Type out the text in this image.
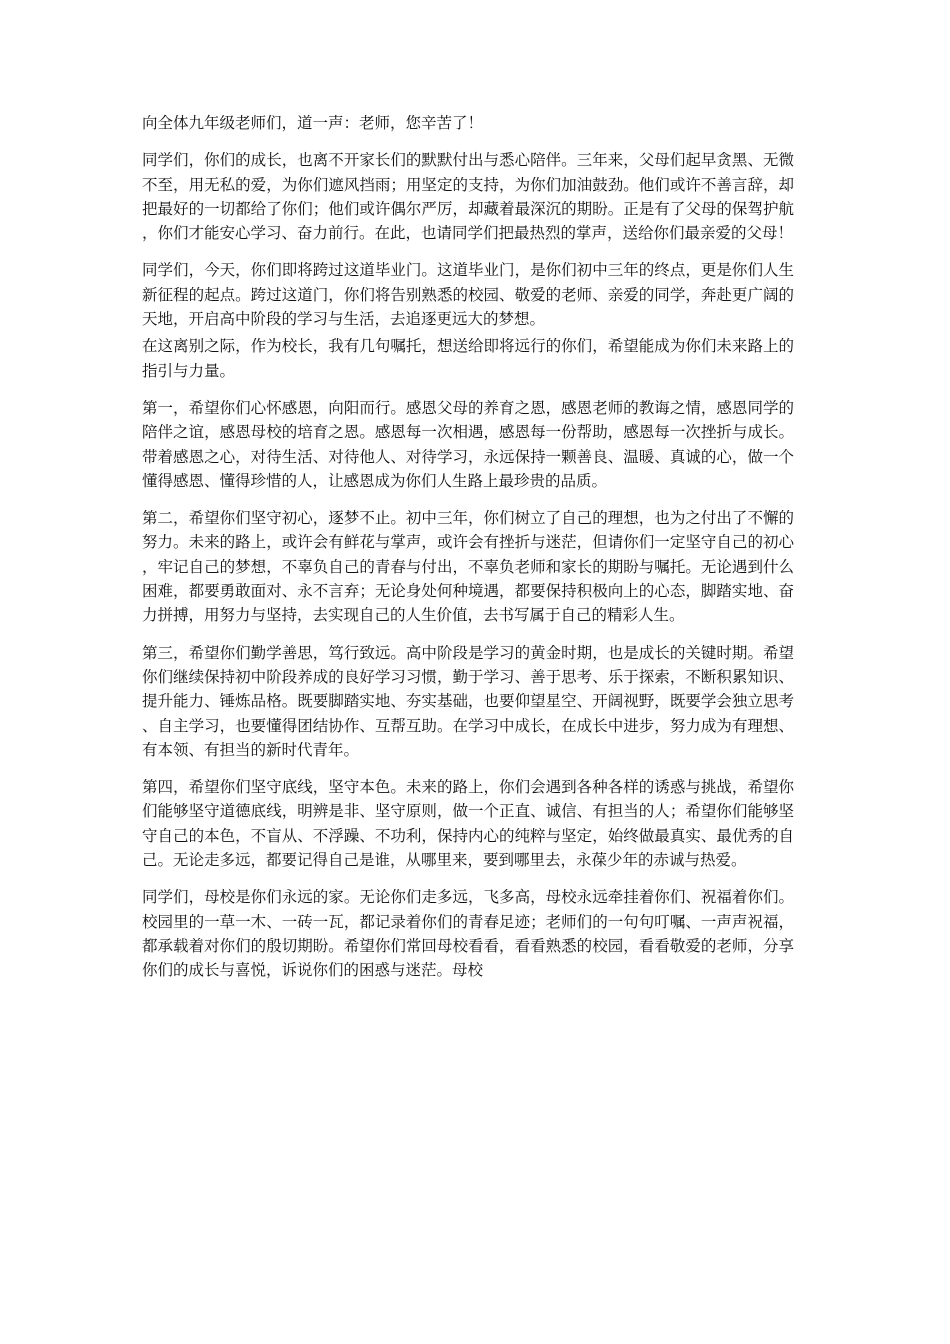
向全体九年级老师们，道一声：老师，您辛苦了！

同学们，你们的成长，也离不开家长们的默默付出与悉心陪伴。三年来，父母们起早贪黑、无微不至，用无私的爱，为你们遮风挡雨；用坚定的支持，为你们加油鼓劲。他们或许不善言辞，却把最好的一切都给了你们；他们或许偶尔严厉，却藏着最深沉的期盼。正是有了父母的保驾护航，你们才能安心学习、奋力前行。在此，也请同学们把最热烈的掌声，送给你们最亲爱的父母！

同学们，今天，你们即将跨过这道毕业门。这道毕业门，是你们初中三年的终点，更是你们人生新征程的起点。跨过这道门，你们将告别熟悉的校园、敬爱的老师、亲爱的同学，奔赴更广阔的天地，开启高中阶段的学习与生活，去追逐更远大的梦想。

在这离别之际，作为校长，我有几句嘱托，想送给即将远行的你们，希望能成为你们未来路上的指引与力量。

第一，希望你们心怀感恩，向阳而行。感恩父母的养育之恩，感恩老师的教诲之情，感恩同学的陪伴之谊，感恩母校的培育之恩。感恩每一次相遇，感恩每一份帮助，感恩每一次挫折与成长。带着感恩之心，对待生活、对待他人、对待学习，永远保持一颗善良、温暖、真诚的心，做一个懂得感恩、懂得珍惜的人，让感恩成为你们人生路上最珍贵的品质。

第二，希望你们坚守初心，逐梦不止。初中三年，你们树立了自己的理想，也为之付出了不懈的努力。未来的路上，或许会有鲜花与掌声，或许会有挫折与迷茫，但请你们一定坚守自己的初心，牢记自己的梦想，不辜负自己的青春与付出，不辜负老师和家长的期盼与嘱托。无论遇到什么困难，都要勇敢面对、永不言弃；无论身处何种境遇，都要保持积极向上的心态，脚踏实地、奋力拼搏，用努力与坚持，去实现自己的人生价值，去书写属于自己的精彩人生。

第三，希望你们勤学善思，笃行致远。高中阶段是学习的黄金时期，也是成长的关键时期。希望你们继续保持初中阶段养成的良好学习习惯，勤于学习、善于思考、乐于探索，不断积累知识、提升能力、锤炼品格。既要脚踏实地、夯实基础，也要仰望星空、开阔视野，既要学会独立思考、自主学习，也要懂得团结协作、互帮互助。在学习中成长，在成长中进步，努力成为有理想、有本领、有担当的新时代青年。

第四，希望你们坚守底线，坚守本色。未来的路上，你们会遇到各种各样的诱惑与挑战，希望你们能够坚守道德底线，明辨是非、坚守原则，做一个正直、诚信、有担当的人；希望你们能够坚守自己的本色，不盲从、不浮躁、不功利，保持内心的纯粹与坚定，始终做最真实、最优秀的自己。无论走多远，都要记得自己是谁，从哪里来，要到哪里去，永葆少年的赤诚与热爱。

同学们，母校是你们永远的家。无论你们走多远，飞多高，母校永远牵挂着你们、祝福着你们。校园里的一草一木、一砖一瓦，都记录着你们的青春足迹；老师们的一句句叮嘱、一声声祝福，都承载着对你们的殷切期盼。希望你们常回母校看看，看看熟悉的校园，看看敬爱的老师，分享你们的成长与喜悦，诉说你们的困惑与迷茫。母校
